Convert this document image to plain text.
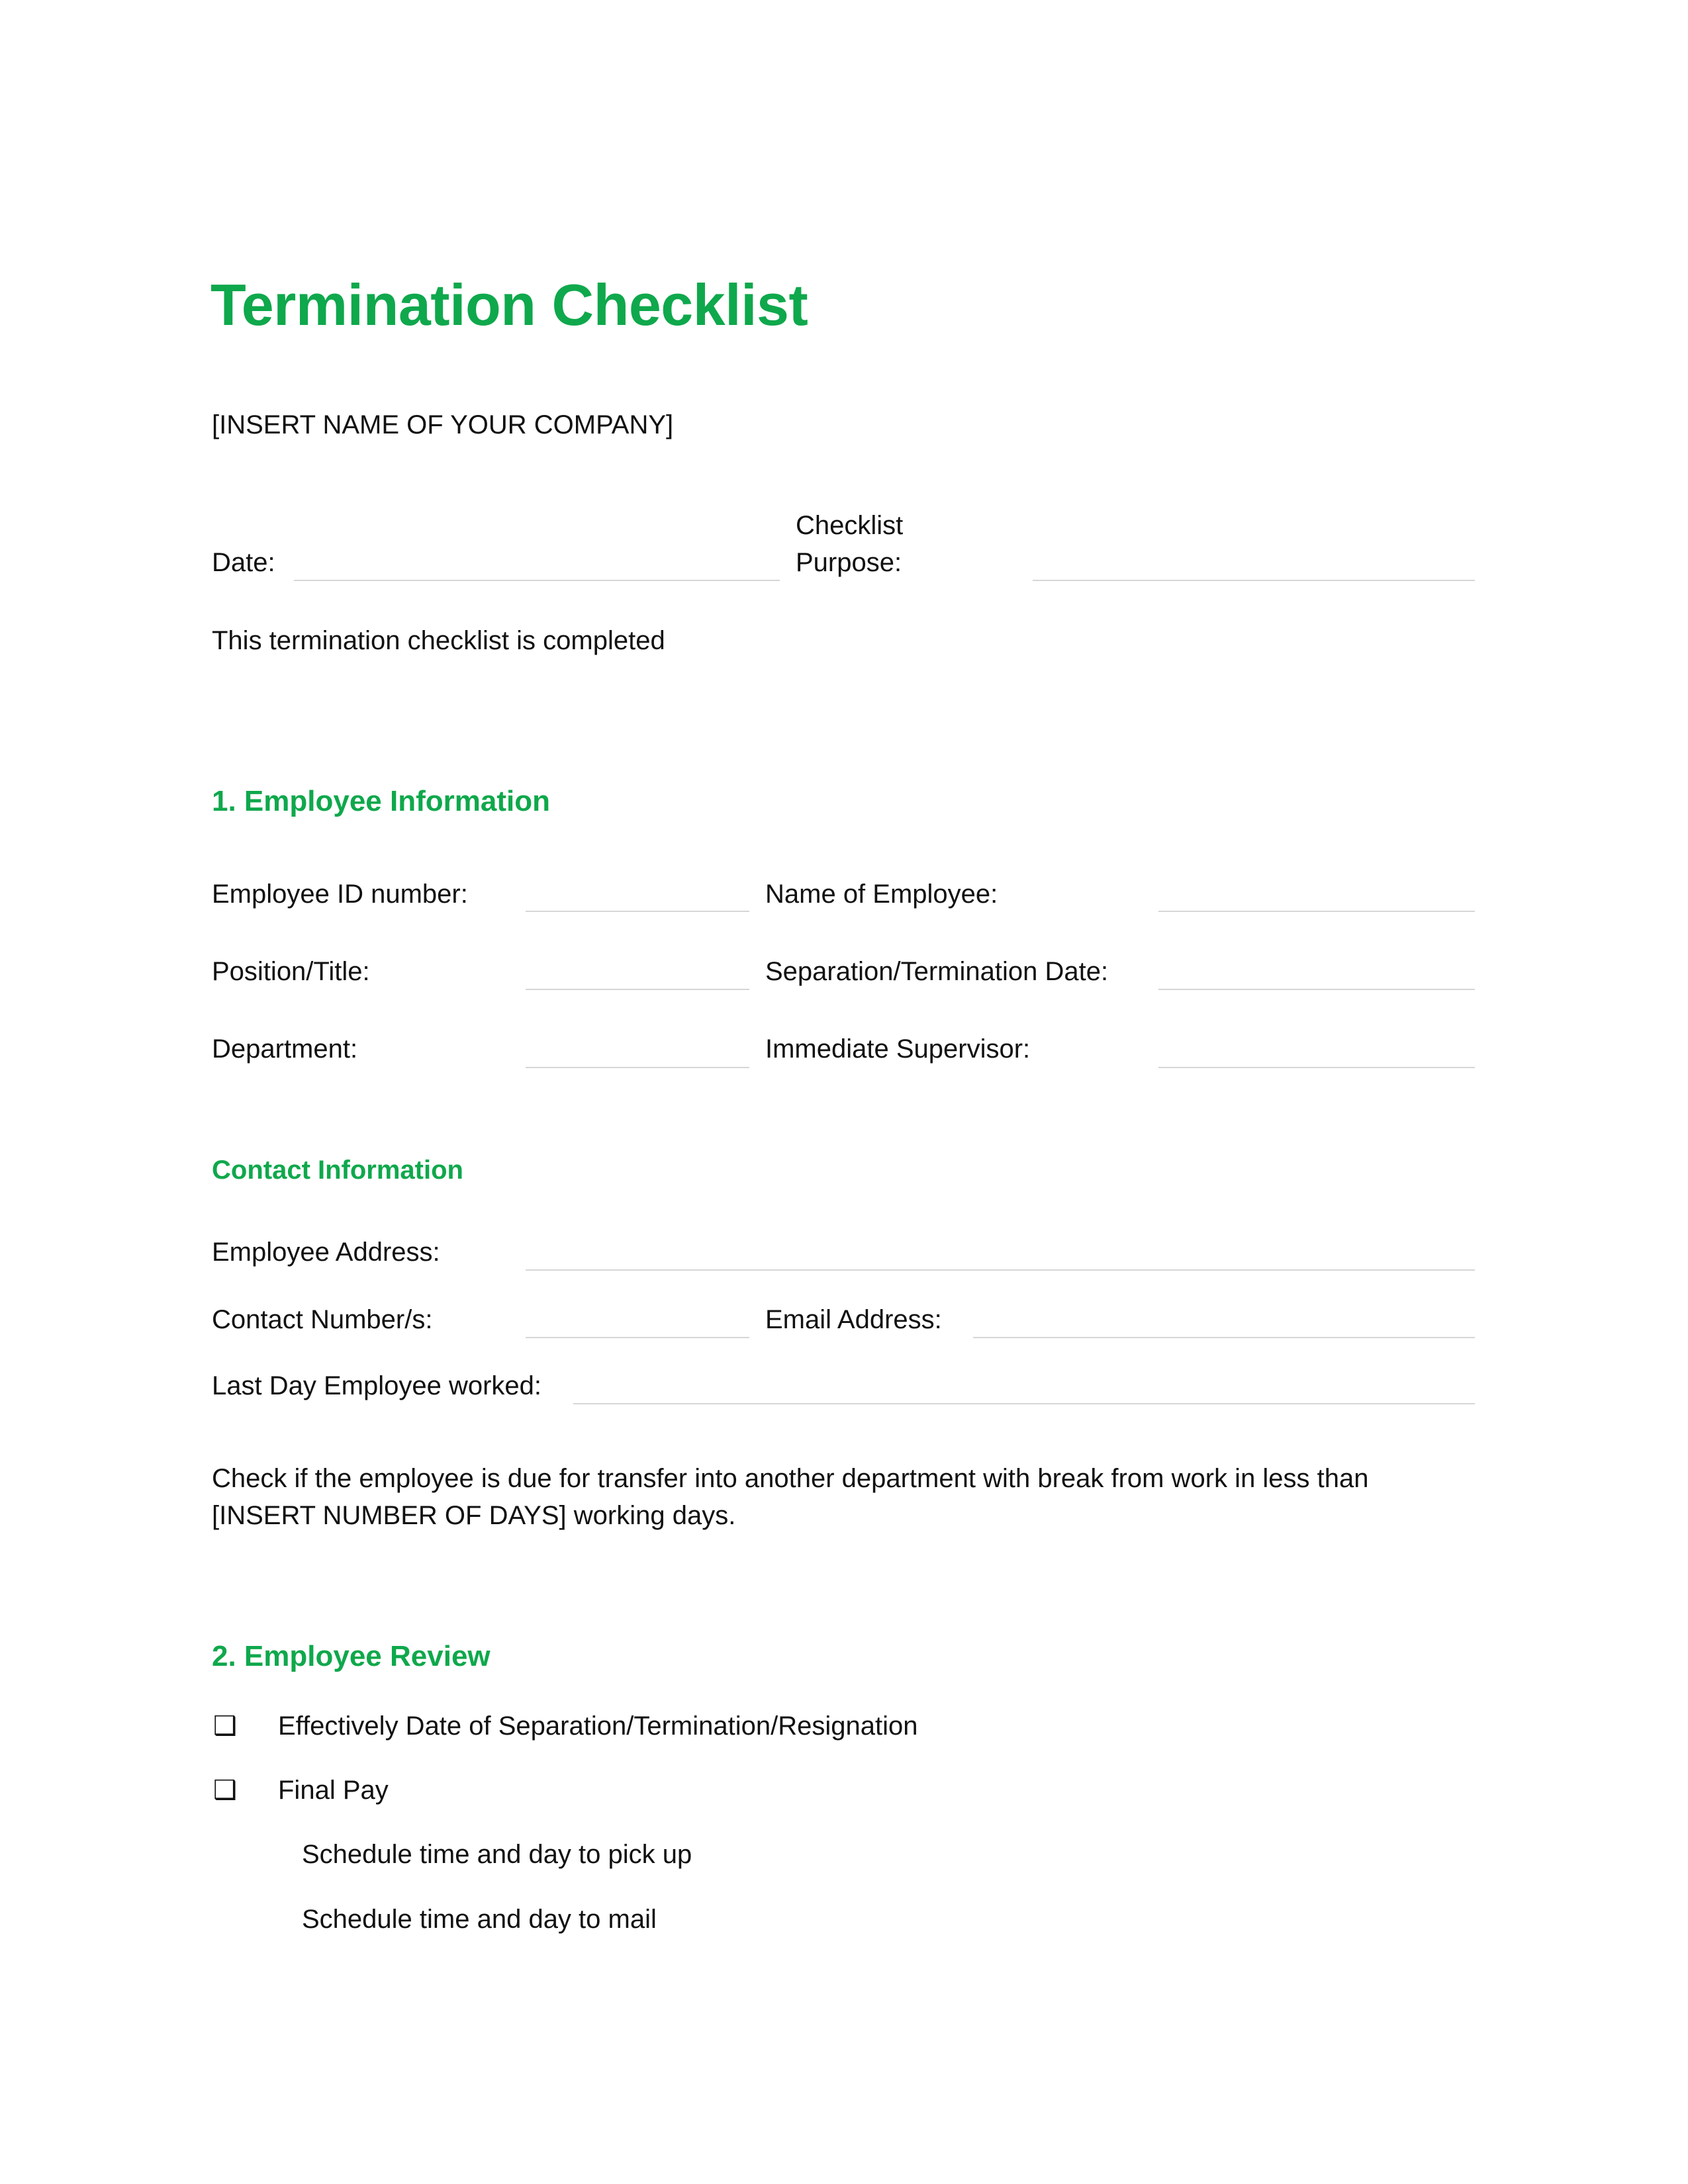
Termination Checklist
[INSERT NAME OF YOUR COMPANY]
Date:
Checklist
Purpose:
This termination checklist is completed
1. Employee Information
Employee ID number:	Name of Employee:
Position/Title:	Separation/Termination Date:
Department:	Immediate Supervisor:
Contact Information
Employee Address:
Contact Number/s:	Email Address:
Last Day Employee worked:
Check if the employee is due for transfer into another department with break from work in less than
[INSERT NUMBER OF DAYS] working days.
2. Employee Review
❑ Effectively Date of Separation/Termination/Resignation
❑ Final Pay
Schedule time and day to pick up
Schedule time and day to mail
